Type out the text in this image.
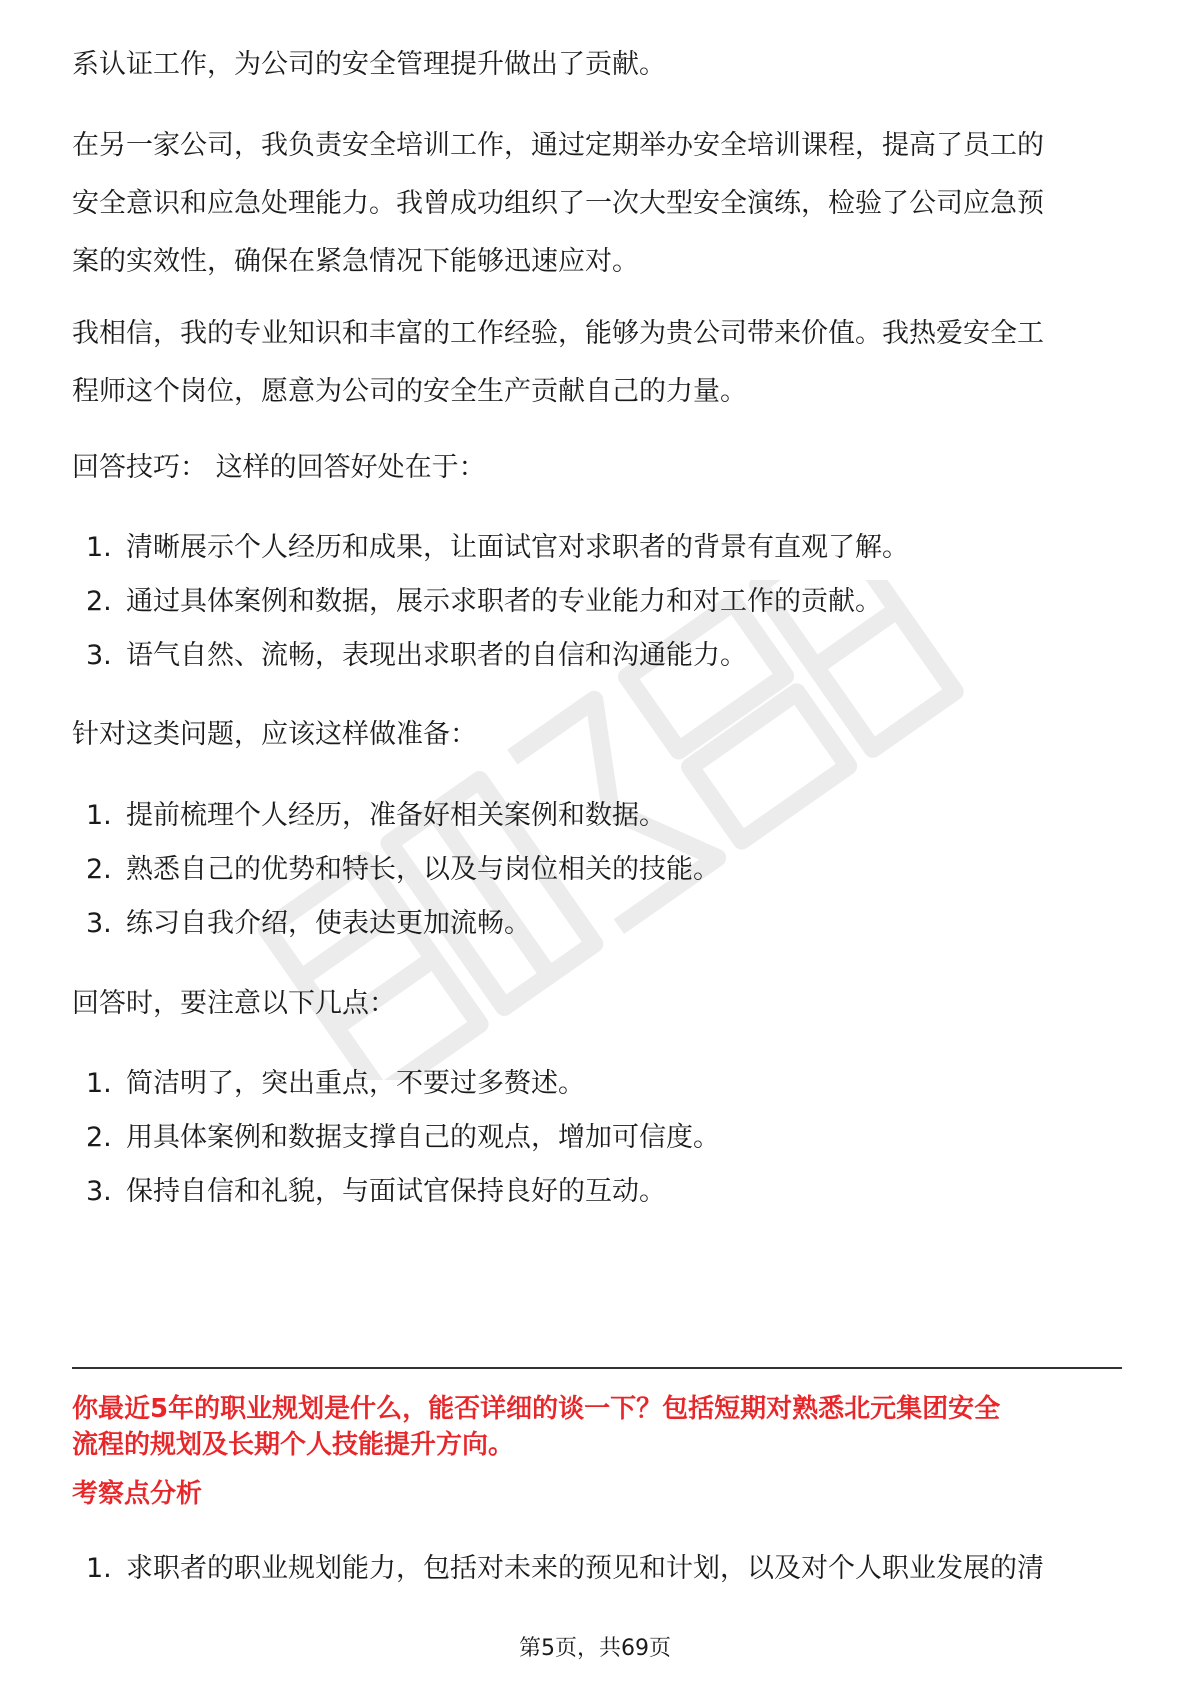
系认证工作，为公司的安全管理提升做出了贡献。
在另一家公司，我负责安全培训工作，通过定期举办安全培训课程，提高了员工的
安全意识和应急处理能力。我曾成功组织了一次大型安全演练，检验了公司应急预
案的实效性，确保在紧急情况下能够迅速应对。
我相信，我的专业知识和丰富的工作经验，能够为贵公司带来价值。我热爱安全工
程师这个岗位，愿意为公司的安全生产贡献自己的力量。
回答技巧： 这样的回答好处在于：
1. 清晰展示个人经历和成果，让面试官对求职者的背景有直观了解。
2. 通过具体案例和数据，展示求职者的专业能力和对工作的贡献。
3. 语气自然、流畅，表现出求职者的自信和沟通能力。
针对这类问题，应该这样做准备：
1. 提前梳理个人经历，准备好相关案例和数据。
2. 熟悉自己的优势和特长，以及与岗位相关的技能。
3. 练习自我介绍，使表达更加流畅。
回答时，要注意以下几点：
1. 简洁明了，突出重点，不要过多赘述。
2. 用具体案例和数据支撑自己的观点，增加可信度。
3. 保持自信和礼貌，与面试官保持良好的互动。
你最近5年的职业规划是什么，能否详细的谈一下？包括短期对熟悉北元集团安全
流程的规划及长期个人技能提升方向。
考察点分析
1. 求职者的职业规划能力，包括对未来的预见和计划，以及对个人职业发展的清
第5页，共69页
